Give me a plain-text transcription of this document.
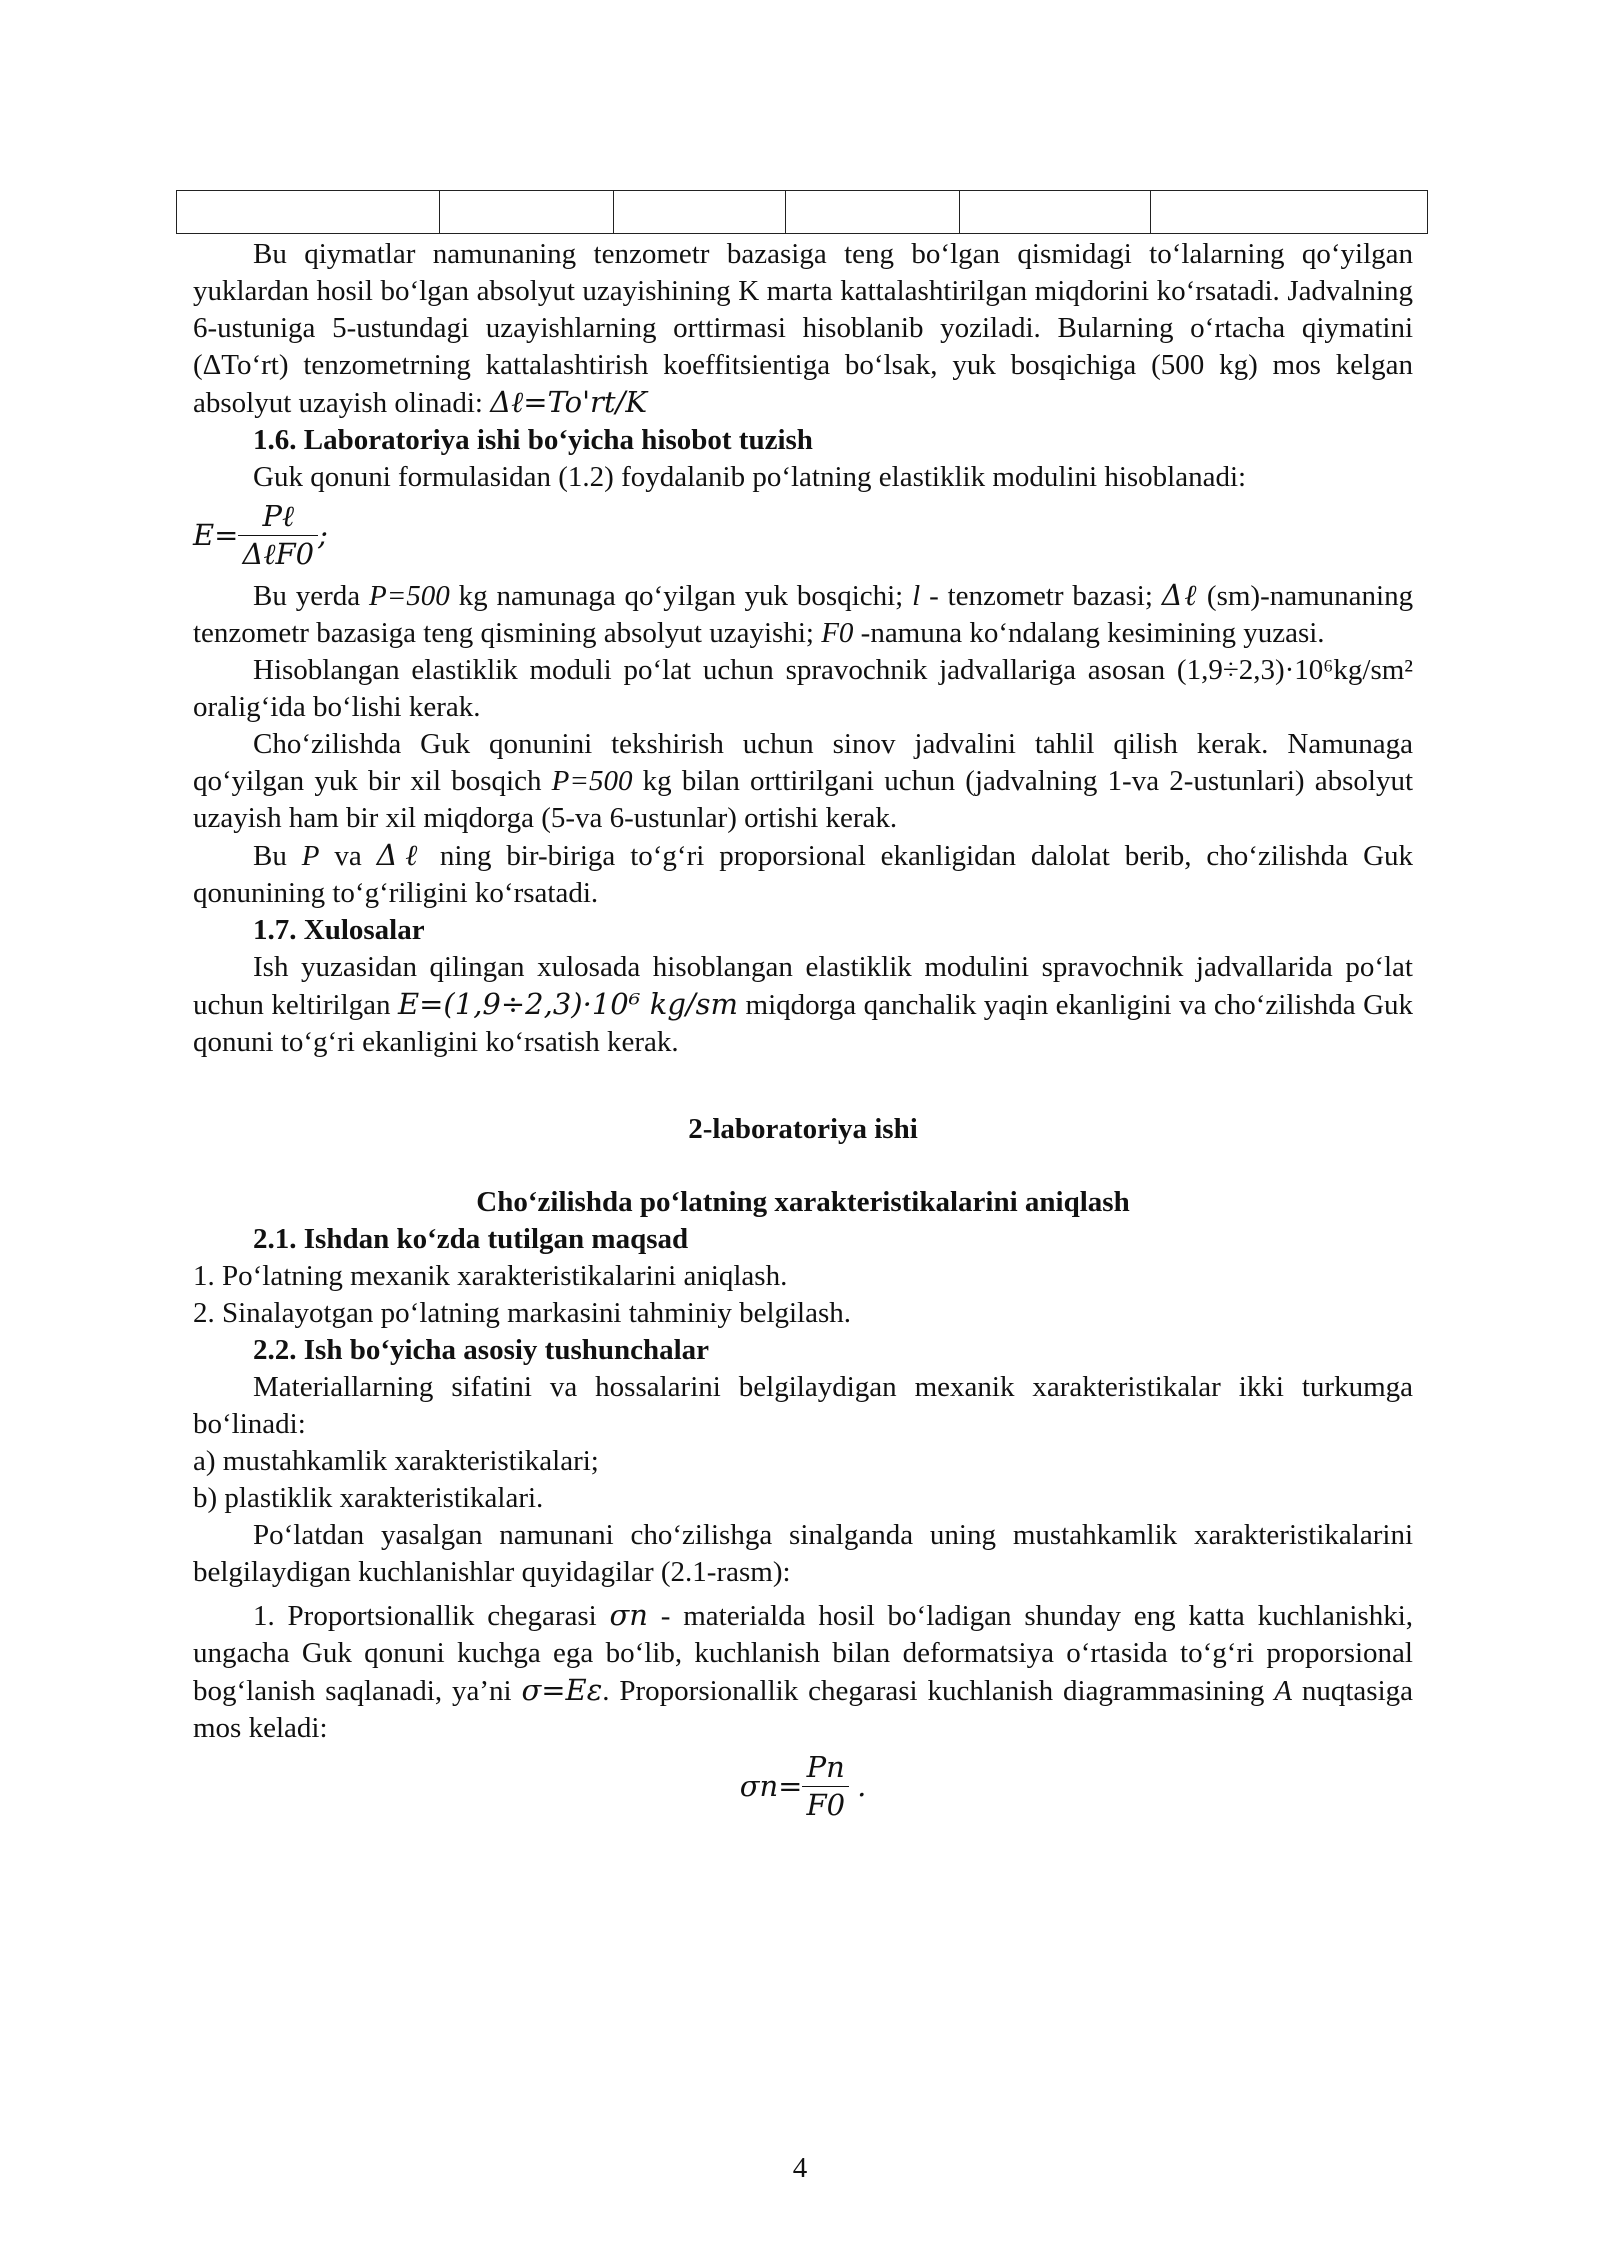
Bu qiymatlar namunaning tenzometr bazasiga teng bo‘lgan qismidagi to‘lalarning qo‘yilgan yuklardan hosil bo‘lgan absolyut uzayishining K marta kattalashtirilgan miqdorini ko‘rsatadi. Jadvalning 6-ustuniga 5-ustundagi uzayishlarning orttirmasi hisoblanib yoziladi. Bularning o‘rtacha qiymatini (ΔTo‘rt) tenzometrning kattalashtirish koeffitsientiga bo‘lsak, yuk bosqichiga (500 kg) mos kelgan absolyut uzayish olinadi: Δℓ=To'rt/K

1.6. Laboratoriya ishi bo‘yicha hisobot tuzish

Guk qonuni formulasidan (1.2) foydalanib po‘latning elastiklik modulini hisoblanadi:

$E= \frac{\text{Pℓ}}{\text{ΔℓF0}}$ ;

Bu yerda P=500 kg namunaga qo‘yilgan yuk bosqichi; l - tenzometr bazasi; Δℓ (sm)-namunaning tenzometr bazasiga teng qismining absolyut uzayishi; F0 -namuna ko‘ndalang kesimining yuzasi.

Hisoblangan elastiklik moduli po‘lat uchun spravochnik jadvallariga asosan (1,9÷2,3)·10⁶kg/sm² oralig‘ida bo‘lishi kerak.

Cho‘zilishda Guk qonunini tekshirish uchun sinov jadvalini tahlil qilish kerak. Namunaga qo‘yilgan yuk bir xil bosqich P=500 kg bilan orttirilgani uchun (jadvalning 1-va 2-ustunlari) absolyut uzayish ham bir xil miqdorga (5-va 6-ustunlar) ortishi kerak.

Bu P va Δℓ ning bir-biriga to‘g‘ri proporsional ekanligidan dalolat berib, cho‘zilishda Guk qonunining to‘g‘riligini ko‘rsatadi.

1.7. Xulosalar

Ish yuzasidan qilingan xulosada hisoblangan elastiklik modulini spravochnik jadvallarida po‘lat uchun keltirilgan E=(1,9÷2,3)·10⁶ kg/sm miqdorga qanchalik yaqin ekanligini va cho‘zilishda Guk qonuni to‘g‘ri ekanligini ko‘rsatish kerak.

2-laboratoriya ishi

Cho‘zilishda po‘latning xarakteristikalarini aniqlash

2.1. Ishdan ko‘zda tutilgan maqsad

1. Po‘latning mexanik xarakteristikalarini aniqlash.

2. Sinalayotgan po‘latning markasini tahminiy belgilash.

2.2. Ish bo‘yicha asosiy tushunchalar

Materiallarning sifatini va hossalarini belgilaydigan mexanik xarakteristikalar ikki turkumga bo‘linadi:

a) mustahkamlik xarakteristikalari;

b) plastiklik xarakteristikalari.

Po‘latdan yasalgan namunani cho‘zilishga sinalganda uning mustahkamlik xarakteristikalarini belgilaydigan kuchlanishlar quyidagilar (2.1-rasm):

1. Proportsionallik chegarasi σn - materialda hosil bo‘ladigan shunday eng katta kuchlanishki, ungacha Guk qonuni kuchga ega bo‘lib, kuchlanish bilan deformatsiya o‘rtasida to‘g‘ri proporsional bog‘lanish saqlanadi, ya’ni σ=Eε. Proporsionallik chegarasi kuchlanish diagrammasining A nuqtasiga mos keladi:

$\sigma n= \frac{Pn}{F0}$ .
4
